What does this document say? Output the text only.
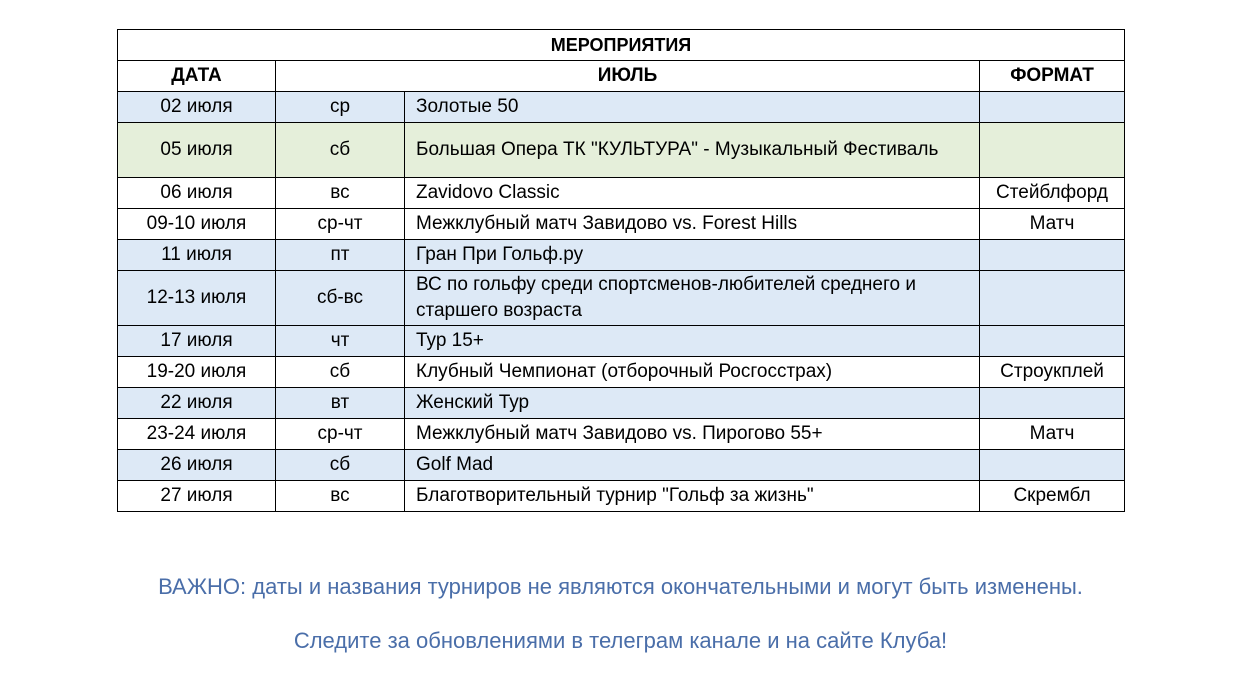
МЕРОПРИЯТИЯ			
ДАТА	ИЮЛЬ		ФОРМАТ
02 июля	ср	Золотые 50	
05 июля	сб	Большая Опера ТК "КУЛЬТУРА" - Музыкальный Фестиваль	
06 июля	вс	Zavidovo Classic	Стейблфорд
09-10 июля	ср-чт	Межклубный матч Завидово vs. Forest Hills	Матч
11 июля	пт	Гран При Гольф.ру	
12-13 июля	сб-вс	ВС по гольфу среди спортсменов-любителей среднего и старшего возраста	
17 июля	чт	Тур 15+	
19-20 июля	сб	Клубный Чемпионат (отборочный Росгосстрах)	Строукплей
22 июля	вт	Женский Тур	
23-24 июля	ср-чт	Межклубный матч Завидово vs. Пирогово 55+	Матч
26 июля	сб	Golf Mad	
27 июля	вс	Благотворительный турнир "Гольф за жизнь"	Скрембл
ВАЖНО: даты и названия турниров не являются окончательными и могут быть изменены.
Следите за обновлениями в телеграм канале и на сайте Клуба!
